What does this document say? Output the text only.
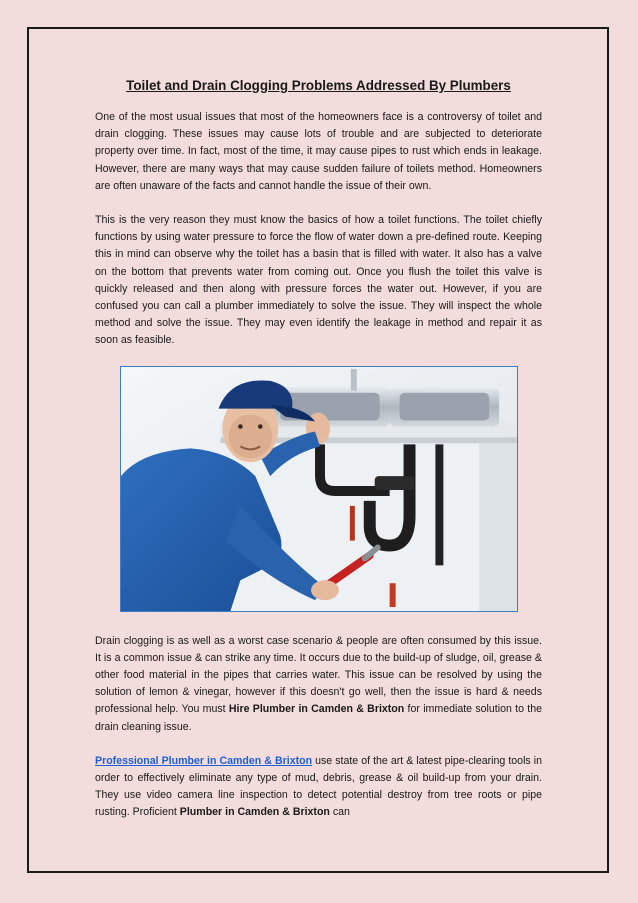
Toilet and Drain Clogging Problems Addressed By Plumbers

One of the most usual issues that most of the homeowners face is a controversy of toilet and drain clogging. These issues may cause lots of trouble and are subjected to deteriorate property over time. In fact, most of the time, it may cause pipes to rust which ends in leakage. However, there are many ways that may cause sudden failure of toilets method. Homeowners are often unaware of the facts and cannot handle the issue of their own.

This is the very reason they must know the basics of how a toilet functions. The toilet chiefly functions by using water pressure to force the flow of water down a pre-defined route. Keeping this in mind can observe why the toilet has a basin that is filled with water. It also has a valve on the bottom that prevents water from coming out. Once you flush the toilet this valve is quickly released and then along with pressure forces the water out. However, if you are confused you can call a plumber immediately to solve the issue. They will inspect the whole method and solve the issue. They may even identify the leakage in method and repair it as soon as feasible.

Drain clogging is as well as a worst case scenario & people are often consumed by this issue. It is a common issue & can strike any time. It occurs due to the build-up of sludge, oil, grease & other food material in the pipes that carries water. This issue can be resolved by using the solution of lemon & vinegar, however if this doesn't go well, then the issue is hard & needs professional help. You must Hire Plumber in Camden & Brixton for immediate solution to the drain cleaning issue.

Professional Plumber in Camden & Brixton use state of the art & latest pipe-clearing tools in order to effectively eliminate any type of mud, debris, grease & oil build-up from your drain. They use video camera line inspection to detect potential destroy from tree roots or pipe rusting. Proficient Plumber in Camden & Brixton can
